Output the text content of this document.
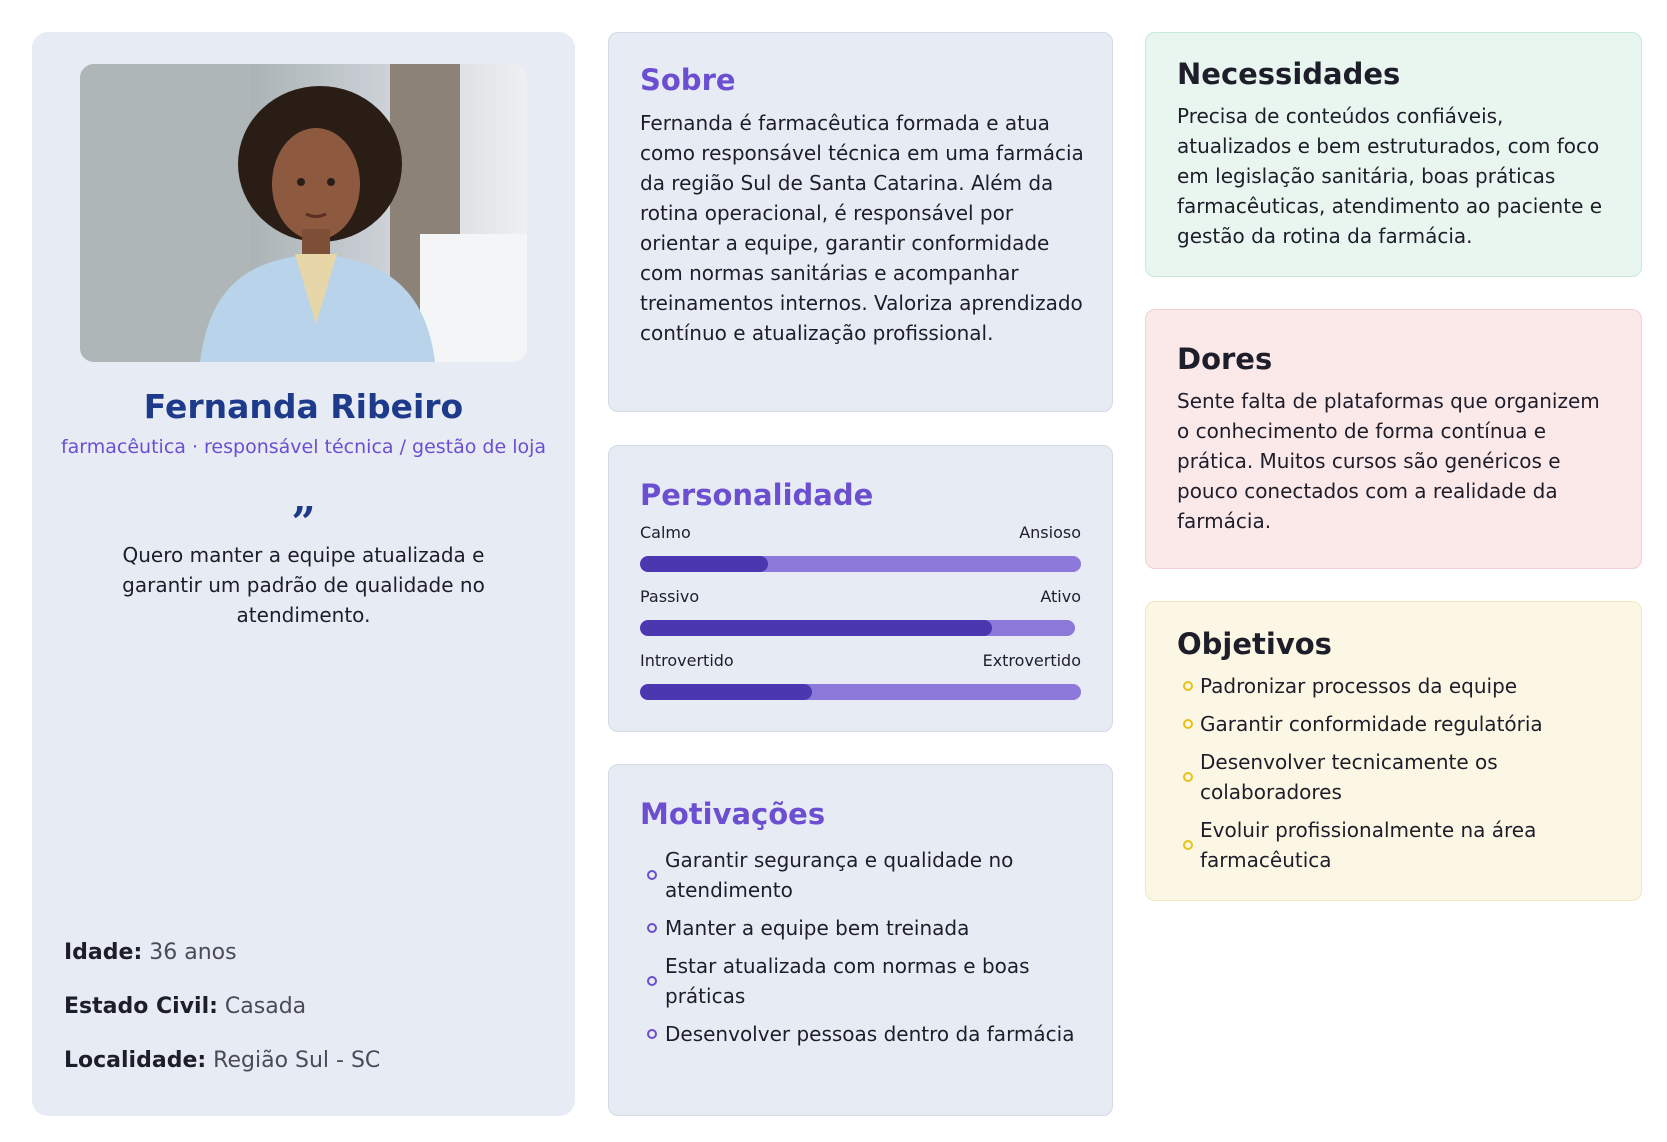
Fernanda Ribeiro
farmacêutica · responsável técnica / gestão de loja
”
Quero manter a equipe atualizada e garantir um padrão de qualidade no atendimento.
Idade: 36 anos
Estado Civil: Casada
Localidade: Região Sul - SC
Sobre
Fernanda é farmacêutica formada e atua como responsável técnica em uma farmácia da região Sul de Santa Catarina. Além da rotina operacional, é responsável por orientar a equipe, garantir conformidade com normas sanitárias e acompanhar treinamentos internos. Valoriza aprendizado contínuo e atualização profissional.
Personalidade
Calmo	Ansioso
Passivo	Ativo
Introvertido	Extrovertido
Motivações
Garantir segurança e qualidade no atendimento
Manter a equipe bem treinada
Estar atualizada com normas e boas práticas
Desenvolver pessoas dentro da farmácia
Necessidades
Precisa de conteúdos confiáveis, atualizados e bem estruturados, com foco em legislação sanitária, boas práticas farmacêuticas, atendimento ao paciente e gestão da rotina da farmácia.
Dores
Sente falta de plataformas que organizem o conhecimento de forma contínua e prática. Muitos cursos são genéricos e pouco conectados com a realidade da farmácia.
Objetivos
Padronizar processos da equipe
Garantir conformidade regulatória
Desenvolver tecnicamente os colaboradores
Evoluir profissionalmente na área farmacêutica
